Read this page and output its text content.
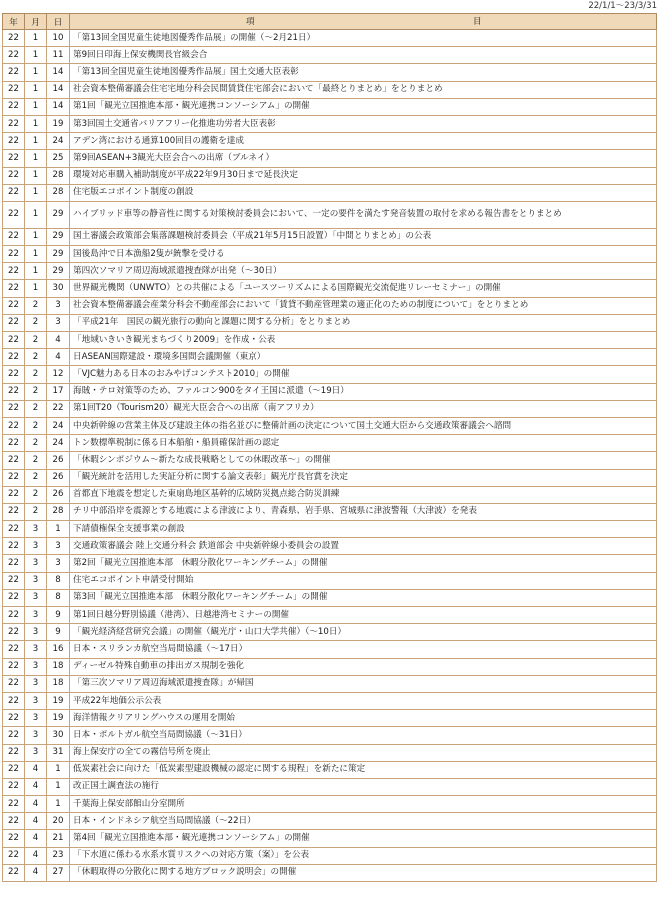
22/1/1〜23/3/31
年	月	日	項 目

22	1	10	「第13回全国児童生徒地図優秀作品展」の開催（〜2月21日）
22	1	11	第9回日印海上保安機関長官級会合
22	1	14	「第13回全国児童生徒地図優秀作品展」国土交通大臣表彰
22	1	14	社会資本整備審議会住宅宅地分科会民間賃貸住宅部会において「最終とりまとめ」をとりまとめ
22	1	14	第1回「観光立国推進本部・観光連携コンソーシアム」の開催
22	1	19	第3回国土交通省バリアフリー化推進功労者大臣表彰
22	1	24	アデン湾における通算100回目の護衛を達成
22	1	25	第9回ASEAN+3観光大臣会合への出席（ブルネイ）
22	1	28	環境対応車購入補助制度が平成22年9月30日まで延長決定
22	1	28	住宅版エコポイント制度の創設
22	1	29	ハイブリッド車等の静音性に関する対策検討委員会において、一定の要件を満たす発音装置の取付を求める報告書をとりまとめ
22	1	29	国土審議会政策部会集落課題検討委員会（平成21年5月15日設置）「中間とりまとめ」の公表
22	1	29	国後島沖で日本漁船2隻が銃撃を受ける
22	1	29	第四次ソマリア周辺海域派遣捜査隊が出発（〜30日）
22	1	30	世界観光機関（UNWTO）との共催による「ユースツーリズムによる国際観光交流促進リレーセミナー」の開催
22	2	3	社会資本整備審議会産業分科会不動産部会において「賃貸不動産管理業の適正化のための制度について」をとりまとめ
22	2	3	「平成21年　国民の観光旅行の動向と課題に関する分析」をとりまとめ
22	2	4	「地域いきいき観光まちづくり2009」を作成・公表
22	2	4	日ASEAN国際建設・環境多国間会議開催（東京）
22	2	12	「VJC魅力ある日本のおみやげコンテスト2010」の開催
22	2	17	海賊・テロ対策等のため、ファルコン900をタイ王国に派遣（〜19日）
22	2	22	第1回T20（Tourism20）観光大臣会合への出席（南アフリカ）
22	2	24	中央新幹線の営業主体及び建設主体の指名並びに整備計画の決定について国土交通大臣から交通政策審議会へ諮問
22	2	24	トン数標準税制に係る日本船舶・船員確保計画の認定
22	2	26	「休暇シンポジウム〜新たな成長戦略としての休暇改革〜」の開催
22	2	26	「観光統計を活用した実証分析に関する論文表彰」観光庁長官賞を決定
22	2	26	首都直下地震を想定した東扇島地区基幹的広域防災拠点総合防災訓練
22	2	28	チリ中部沿岸を震源とする地震による津波により、青森県、岩手県、宮城県に津波警報（大津波）を発表
22	3	1	下請債権保全支援事業の創設
22	3	3	交通政策審議会 陸上交通分科会 鉄道部会 中央新幹線小委員会の設置
22	3	3	第2回「観光立国推進本部　休暇分散化ワーキングチーム」の開催
22	3	8	住宅エコポイント申請受付開始
22	3	8	第3回「観光立国推進本部　休暇分散化ワーキングチーム」の開催
22	3	9	第1回日越分野別協議（港湾）、日越港湾セミナーの開催
22	3	9	「観光経済経営研究会議」の開催（観光庁・山口大学共催）（〜10日）
22	3	16	日本・スリランカ航空当局間協議（〜17日）
22	3	18	ディーゼル特殊自動車の排出ガス規制を強化
22	3	18	「第三次ソマリア周辺海域派遣捜査隊」が帰国
22	3	19	平成22年地価公示公表
22	3	19	海洋情報クリアリングハウスの運用を開始
22	3	30	日本・ポルトガル航空当局間協議（〜31日）
22	3	31	海上保安庁の全ての霧信号所を廃止
22	4	1	低炭素社会に向けた「低炭素型建設機械の認定に関する規程」を新たに策定
22	4	1	改正国土調査法の施行
22	4	1	千葉海上保安部館山分室開所
22	4	20	日本・インドネシア航空当局間協議（〜22日）
22	4	21	第4回「観光立国推進本部・観光連携コンソーシアム」の開催
22	4	23	「下水道に係わる水系水質リスクへの対応方策（案）」を公表
22	4	27	「休暇取得の分散化に関する地方ブロック説明会」の開催
